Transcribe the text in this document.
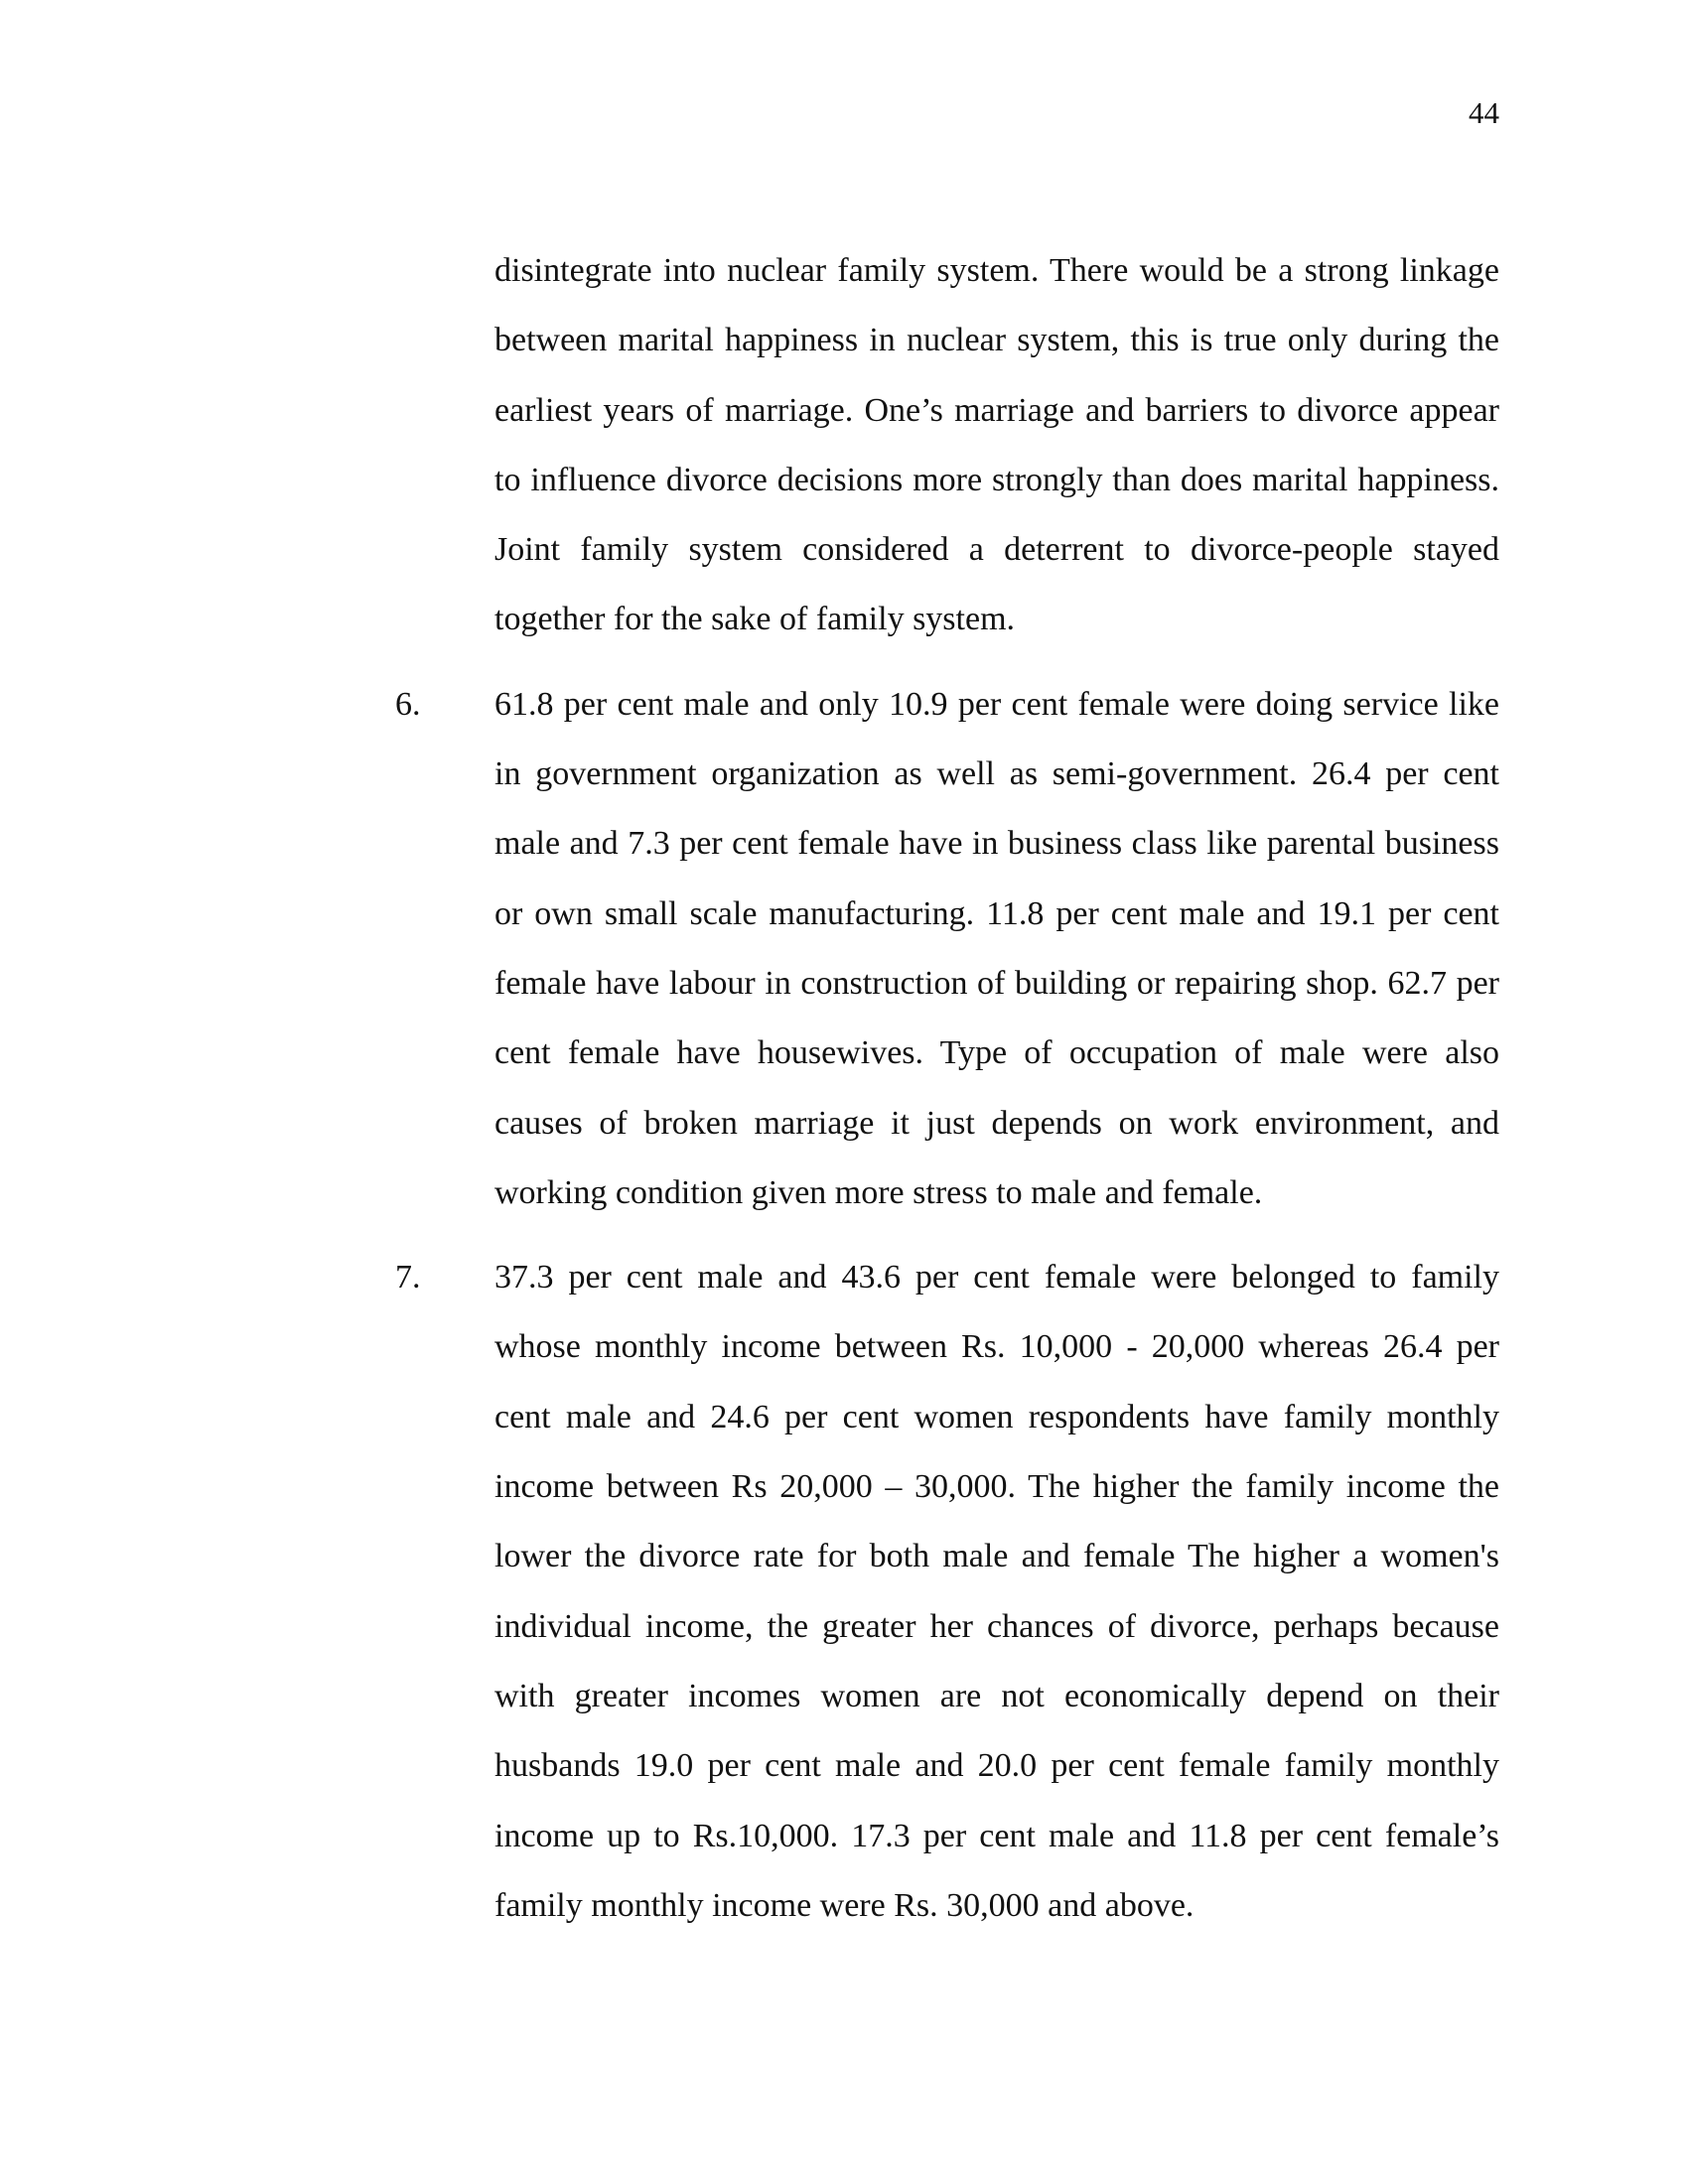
44

disintegrate into nuclear family system. There would be a strong linkage between marital happiness in nuclear system, this is true only during the earliest years of marriage. One’s marriage and barriers to divorce appear to influence divorce decisions more strongly than does marital happiness. Joint family system considered a deterrent to divorce-people stayed together for the sake of family system.

6. 61.8 per cent male and only 10.9 per cent female were doing service like in government organization as well as semi-government. 26.4 per cent male and 7.3 per cent female have in business class like parental business or own small scale manufacturing. 11.8 per cent male and 19.1 per cent female have labour in construction of building or repairing shop. 62.7 per cent female have housewives. Type of occupation of male were also causes of broken marriage it just depends on work environment, and working condition given more stress to male and female.

7. 37.3 per cent male and 43.6 per cent female were belonged to family whose monthly income between Rs. 10,000 - 20,000 whereas 26.4 per cent male and 24.6 per cent women respondents have family monthly income between Rs 20,000 – 30,000. The higher the family income the lower the divorce rate for both male and female The higher a women's individual income, the greater her chances of divorce, perhaps because with greater incomes women are not economically depend on their husbands 19.0 per cent male and 20.0 per cent female family monthly income up to Rs.10,000. 17.3 per cent male and 11.8 per cent female’s family monthly income were Rs. 30,000 and above.
